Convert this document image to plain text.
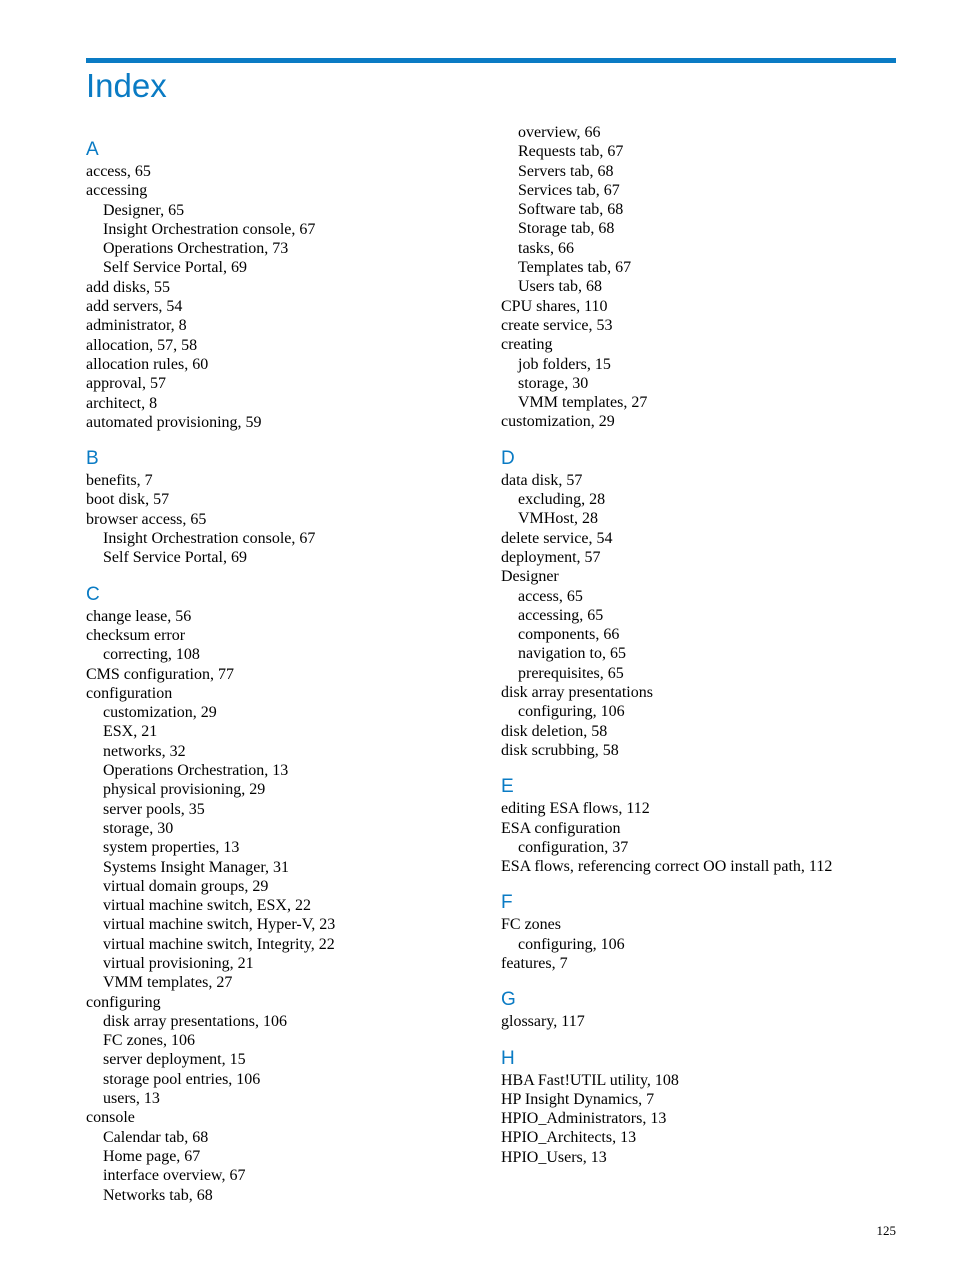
Index
A
access, 65
accessing
Designer, 65
Insight Orchestration console, 67
Operations Orchestration, 73
Self Service Portal, 69
add disks, 55
add servers, 54
administrator, 8
allocation, 57, 58
allocation rules, 60
approval, 57
architect, 8
automated provisioning, 59
B
benefits, 7
boot disk, 57
browser access, 65
Insight Orchestration console, 67
Self Service Portal, 69
C
change lease, 56
checksum error
correcting, 108
CMS configuration, 77
configuration
customization, 29
ESX, 21
networks, 32
Operations Orchestration, 13
physical provisioning, 29
server pools, 35
storage, 30
system properties, 13
Systems Insight Manager, 31
virtual domain groups, 29
virtual machine switch, ESX, 22
virtual machine switch, Hyper-V, 23
virtual machine switch, Integrity, 22
virtual provisioning, 21
VMM templates, 27
configuring
disk array presentations, 106
FC zones, 106
server deployment, 15
storage pool entries, 106
users, 13
console
Calendar tab, 68
Home page, 67
interface overview, 67
Networks tab, 68
overview, 66
Requests tab, 67
Servers tab, 68
Services tab, 67
Software tab, 68
Storage tab, 68
tasks, 66
Templates tab, 67
Users tab, 68
CPU shares, 110
create service, 53
creating
job folders, 15
storage, 30
VMM templates, 27
customization, 29
D
data disk, 57
excluding, 28
VMHost, 28
delete service, 54
deployment, 57
Designer
access, 65
accessing, 65
components, 66
navigation to, 65
prerequisites, 65
disk array presentations
configuring, 106
disk deletion, 58
disk scrubbing, 58
E
editing ESA flows, 112
ESA configuration
configuration, 37
ESA flows, referencing correct OO install path, 112
F
FC zones
configuring, 106
features, 7
G
glossary, 117
H
HBA Fast!UTIL utility, 108
HP Insight Dynamics, 7
HPIO_Administrators, 13
HPIO_Architects, 13
HPIO_Users, 13
125
